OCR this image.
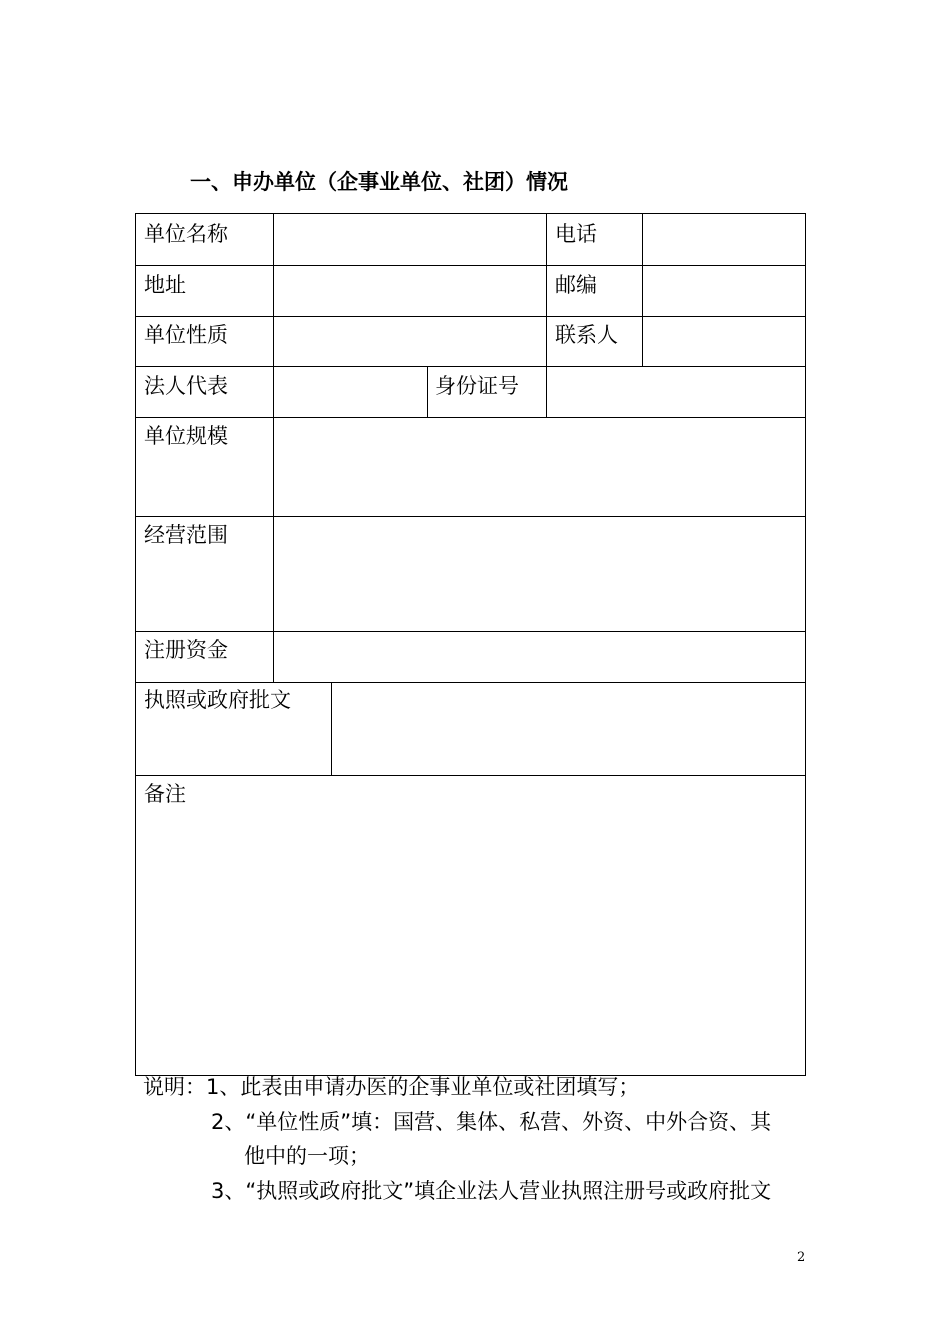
一、申办单位（企事业单位、社团）情况
单位名称	电话
地址	邮编
单位性质	联系人
法人代表	身份证号
单位规模
经营范围
注册资金
执照或政府批文
备注
说明：1、此表由申请办医的企事业单位或社团填写；
2、“单位性质”填：国营、集体、私营、外资、中外合资、其
他中的一项；
3、“执照或政府批文”填企业法人营业执照注册号或政府批文
2
